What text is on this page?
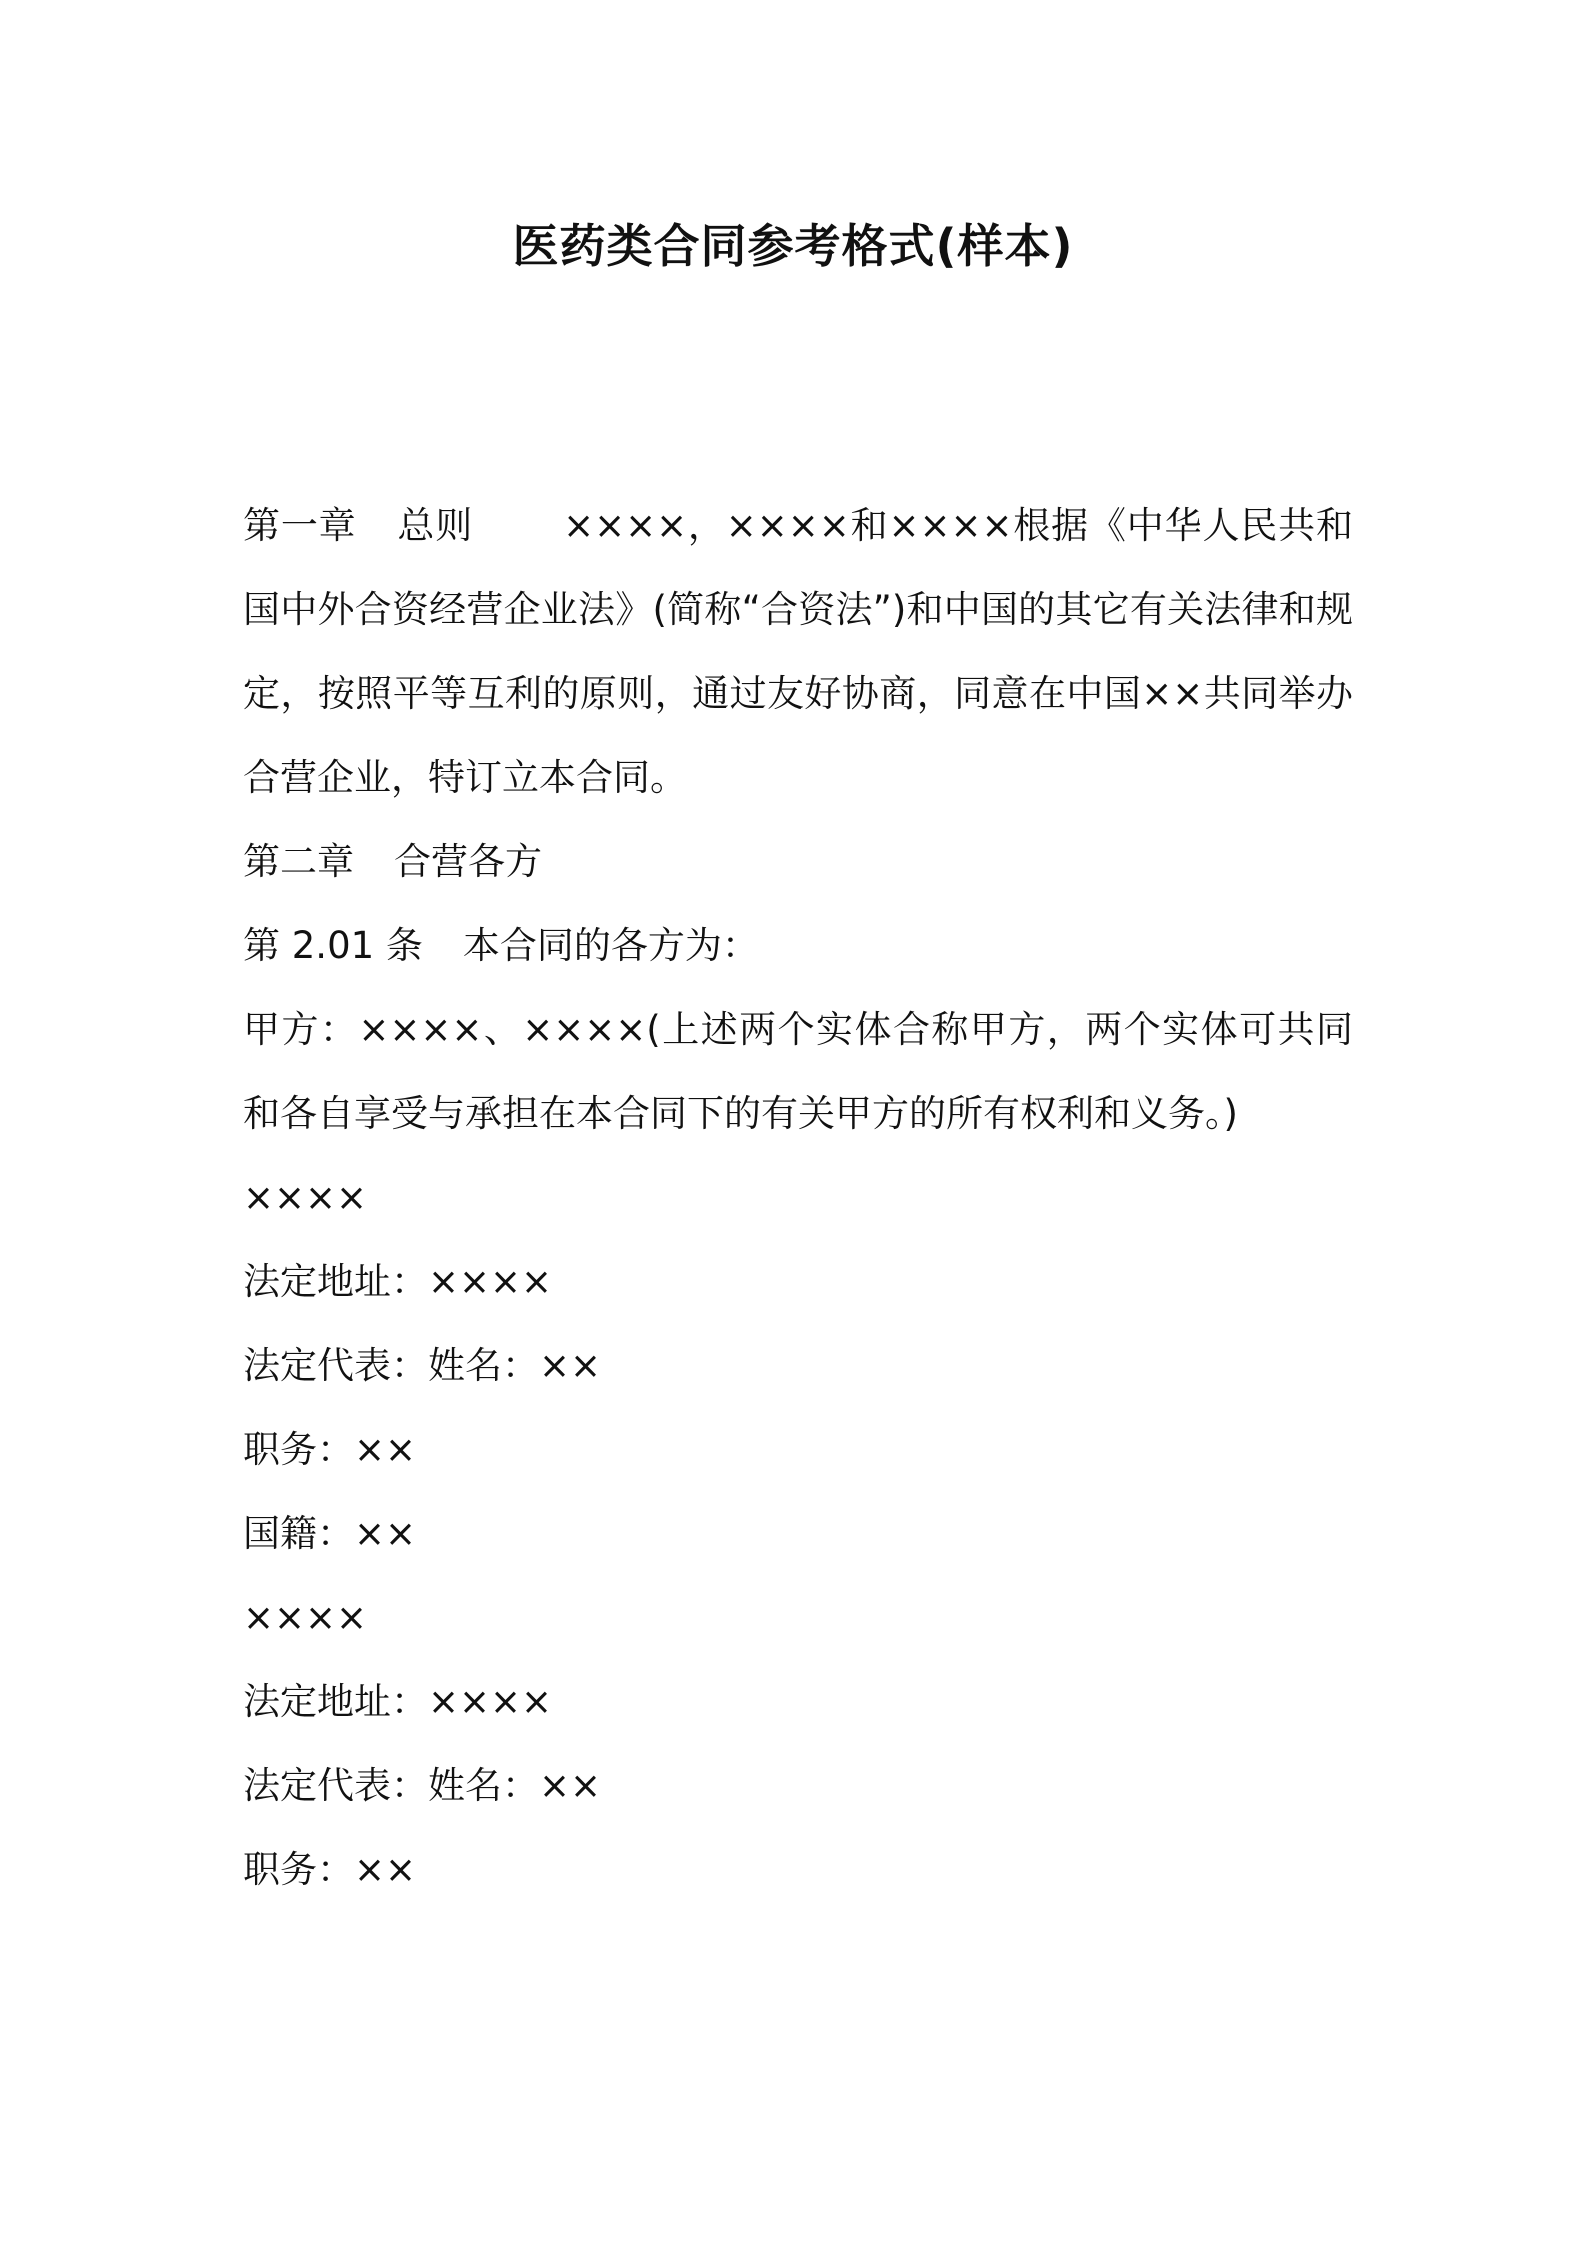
医药类合同参考格式(样本)

第一章 总则 ××××，××××和××××根据《中华人民共和国中外合资经营企业法》(简称“合资法”)和中国的其它有关法律和规定，按照平等互利的原则，通过友好协商，同意在中国××共同举办合营企业，特订立本合同。

第二章 合营各方

第 2.01 条 本合同的各方为：

甲方：××××、××××(上述两个实体合称甲方，两个实体可共同和各自享受与承担在本合同下的有关甲方的所有权利和义务。)

××××

法定地址：××××

法定代表：姓名：××

职务：××

国籍：××

××××

法定地址：××××

法定代表：姓名：××

职务：××
